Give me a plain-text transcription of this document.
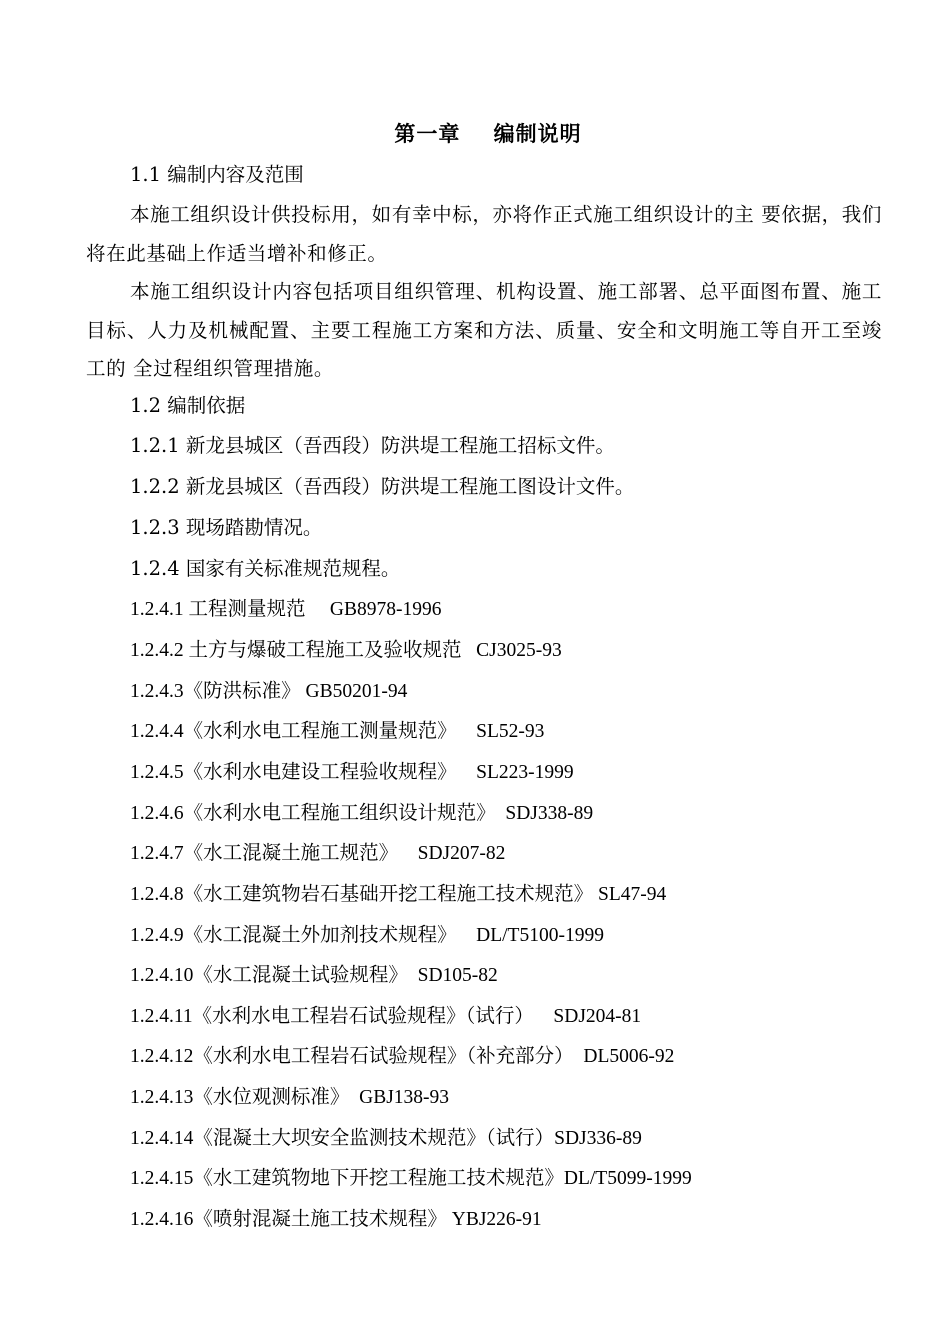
第一章    编制说明
1.1 编制内容及范围
本施工组织设计供投标用，如有幸中标，亦将作正式施工组织设计的主 要依据，我们将在此基础上作适当增补和修正。
本施工组织设计内容包括项目组织管理、机构设置、施工部署、总平面图布置、施工目标、人力及机械配置、主要工程施工方案和方法、质量、安全和文明施工等自开工至竣工的 全过程组织管理措施。
1.2 编制依据
1.2.1 新龙县城区（吾西段）防洪堤工程施工招标文件。
1.2.2 新龙县城区（吾西段）防洪堤工程施工图设计文件。
1.2.3 现场踏勘情况。
1.2.4 国家有关标准规范规程。
1.2.4.1 工程测量规范     GB8978-1996
1.2.4.2 土方与爆破工程施工及验收规范   CJ3025-93
1.2.4.3《防洪标准》 GB50201-94
1.2.4.4《水利水电工程施工测量规范》    SL52-93
1.2.4.5《水利水电建设工程验收规程》    SL223-1999
1.2.4.6《水利水电工程施工组织设计规范》  SDJ338-89
1.2.4.7《水工混凝土施工规范》    SDJ207-82
1.2.4.8《水工建筑物岩石基础开挖工程施工技术规范》 SL47-94
1.2.4.9《水工混凝土外加剂技术规程》    DL/T5100-1999
1.2.4.10《水工混凝土试验规程》  SD105-82
1.2.4.11《水利水电工程岩石试验规程》（试行）    SDJ204-81
1.2.4.12《水利水电工程岩石试验规程》（补充部分）  DL5006-92
1.2.4.13《水位观测标准》  GBJ138-93
1.2.4.14《混凝土大坝安全监测技术规范》（试行）SDJ336-89
1.2.4.15《水工建筑物地下开挖工程施工技术规范》DL/T5099-1999
1.2.4.16《喷射混凝土施工技术规程》 YBJ226-91
